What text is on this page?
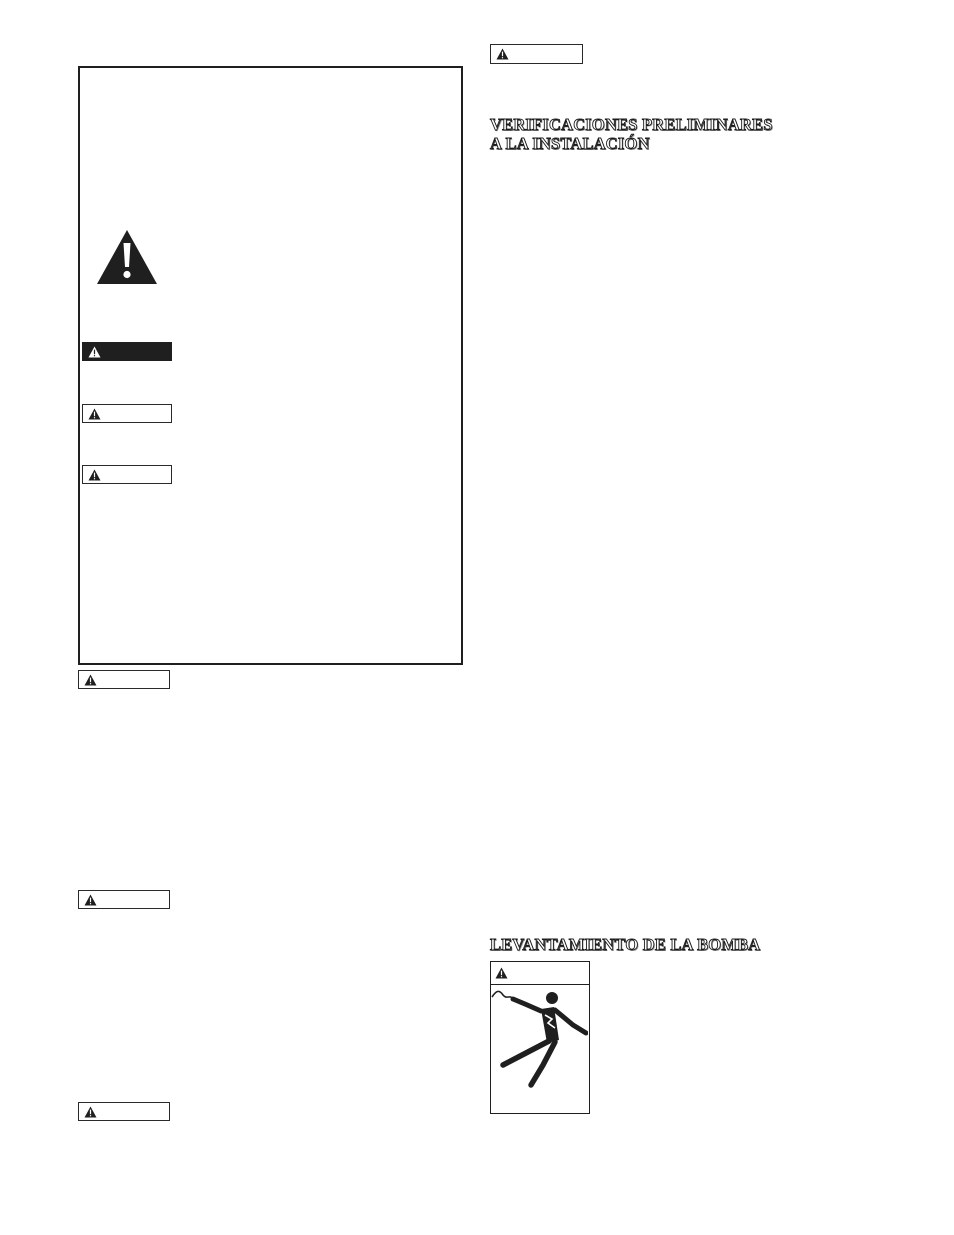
VERIFICACIONES PRELIMINARES
A LA INSTALACIÓN
LEVANTAMIENTO DE LA BOMBA
